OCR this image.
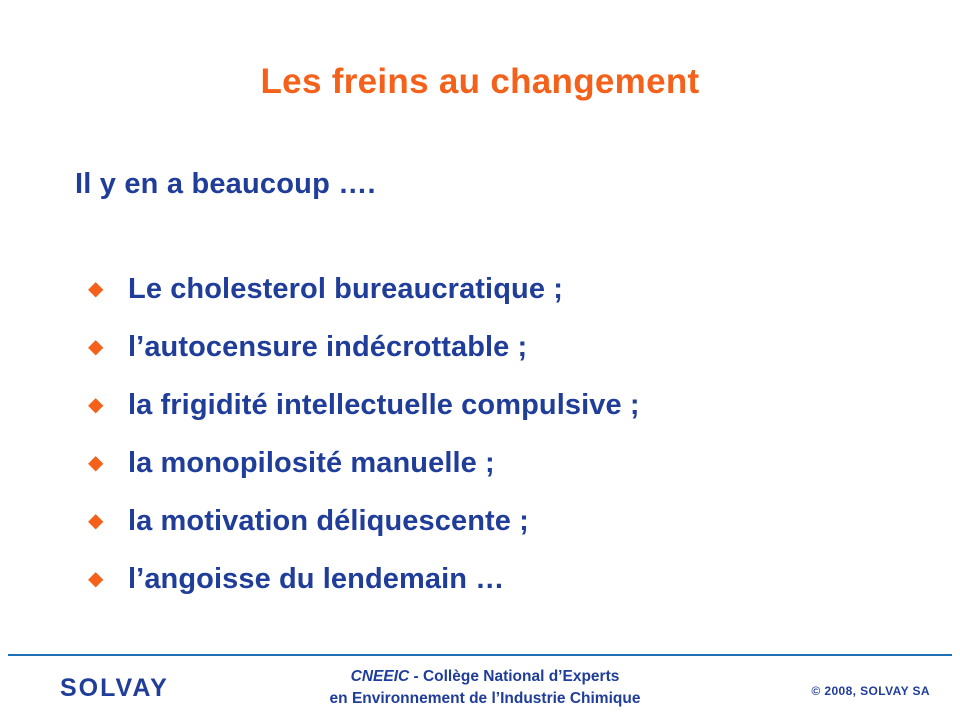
Les freins au changement
Il y en a beaucoup ….
◆ Le cholesterol bureaucratique ;
◆ l’autocensure indécrottable ;
◆ la frigidité intellectuelle compulsive ;
◆ la monopilosité manuelle ;
◆ la motivation déliquescente ;
◆ l’angoisse du lendemain …
SOLVAY	CNEEIC - Collège National d’Experts
en Environnement de l’Industrie Chimique	© 2008, SOLVAY SA
